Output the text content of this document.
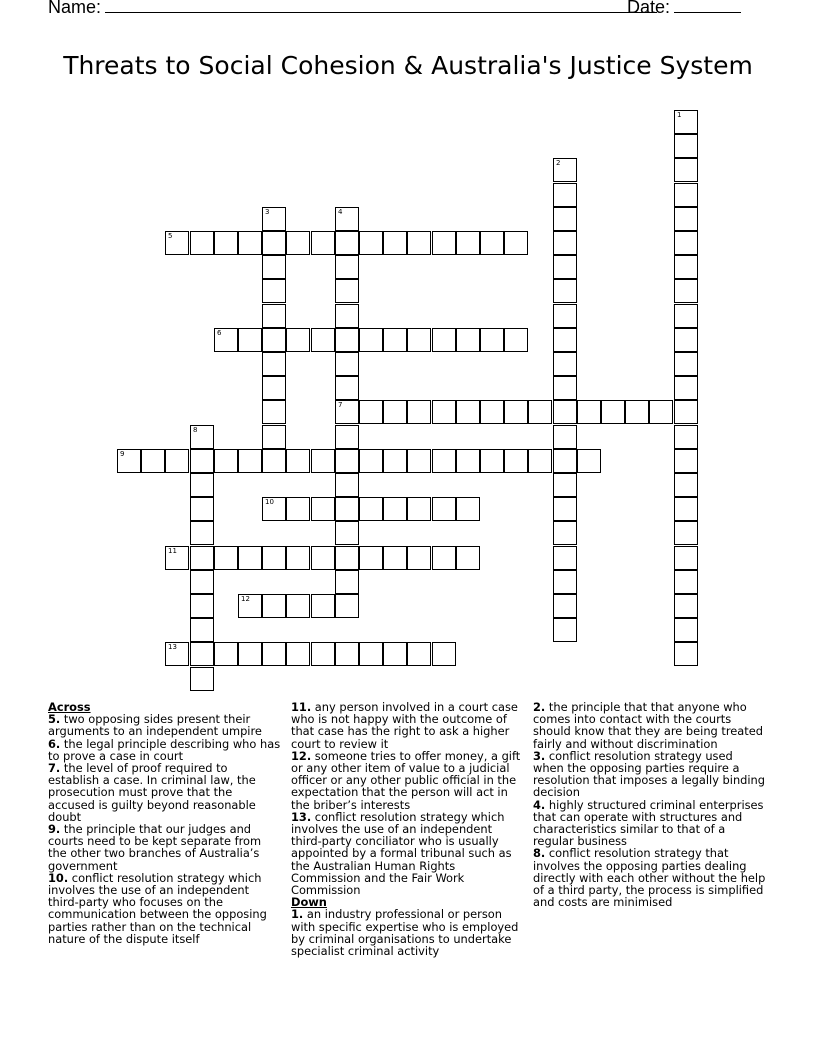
Name:	Date:
Threats to Social Cohesion & Australia's Justice System
1
2
3	4
7
5
6
8
9
10
11
12
13

Across

5. two opposing sides present their arguments to an independent umpire

6. the legal principle describing who has to prove a case in court

7. the level of proof required to establish a case. In criminal law, the prosecution must prove that the accused is guilty beyond reasonable doubt

9. the principle that our judges and courts need to be kept separate from the other two branches of Australia’s government

10. conflict resolution strategy which involves the use of an independent third-party who focuses on the communication between the opposing parties rather than on the technical nature of the dispute itself

11. any person involved in a court case who is not happy with the outcome of that case has the right to ask a higher court to review it

12. someone tries to offer money, a gift or any other item of value to a judicial officer or any other public official in the expectation that the person will act in the briber’s interests

13. conflict resolution strategy which involves the use of an independent third-party conciliator who is usually appointed by a formal tribunal such as the Australian Human Rights Commission and the Fair Work Commission

Down

1. an industry professional or person with specific expertise who is employed by criminal organisations to undertake specialist criminal activity

2. the principle that that anyone who comes into contact with the courts should know that they are being treated fairly and without discrimination

3. conflict resolution strategy used when the opposing parties require a resolution that imposes a legally binding decision

4. highly structured criminal enterprises that can operate with structures and characteristics similar to that of a regular business

8. conflict resolution strategy that involves the opposing parties dealing directly with each other without the help of a third party, the process is simplified and costs are minimised
